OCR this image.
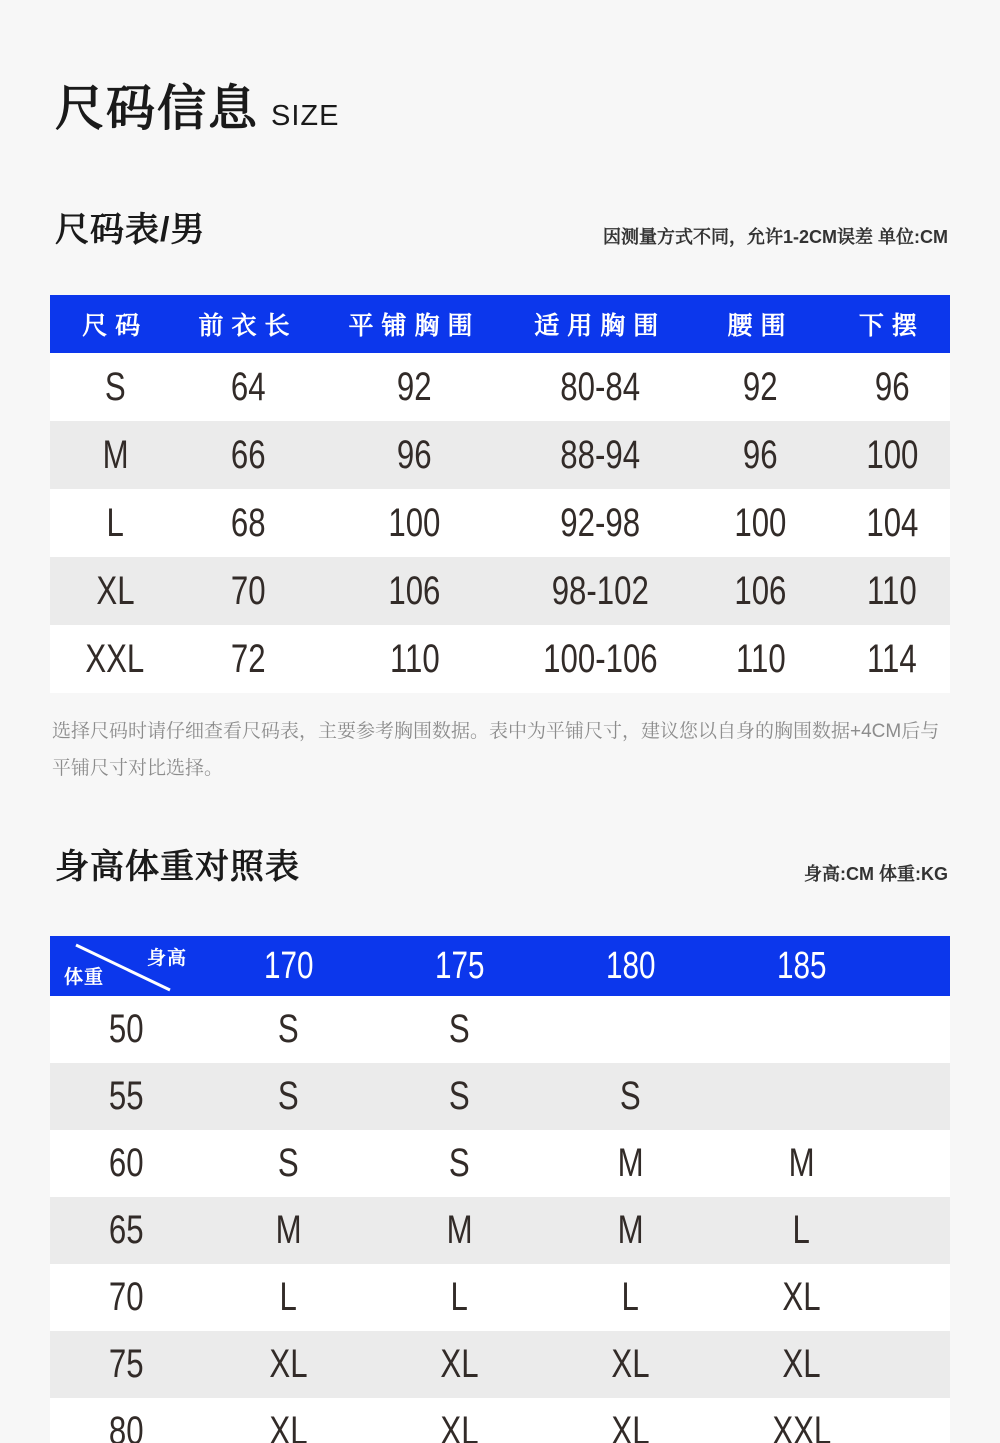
尺码信息 SIZE
尺码表/男	因测量方式不同，允许1-2CM误差 单位:CM
尺码	前衣长	平铺胸围	适用胸围	腰围	下摆
S	64	92	80-84	92	96
M	66	96	88-94	96	100
L	68	100	92-98	100	104
XL	70	106	98-102	106	110
XXL	72	110	100-106	110	114

选择尺码时请仔细查看尺码表，主要参考胸围数据。表中为平铺尺寸，建议您以自身的胸围数据+4CM后与
平铺尺寸对比选择。

身高体重对照表	身高:CM 体重:KG
身高
体重	170	175	180	185	
50	S	S			
55	S	S	S		
60	S	S	M	M	
65	M	M	M	L	
70	L	L	L	XL	
75	XL	XL	XL	XL	
80	XL	XL	XL	XXL	
